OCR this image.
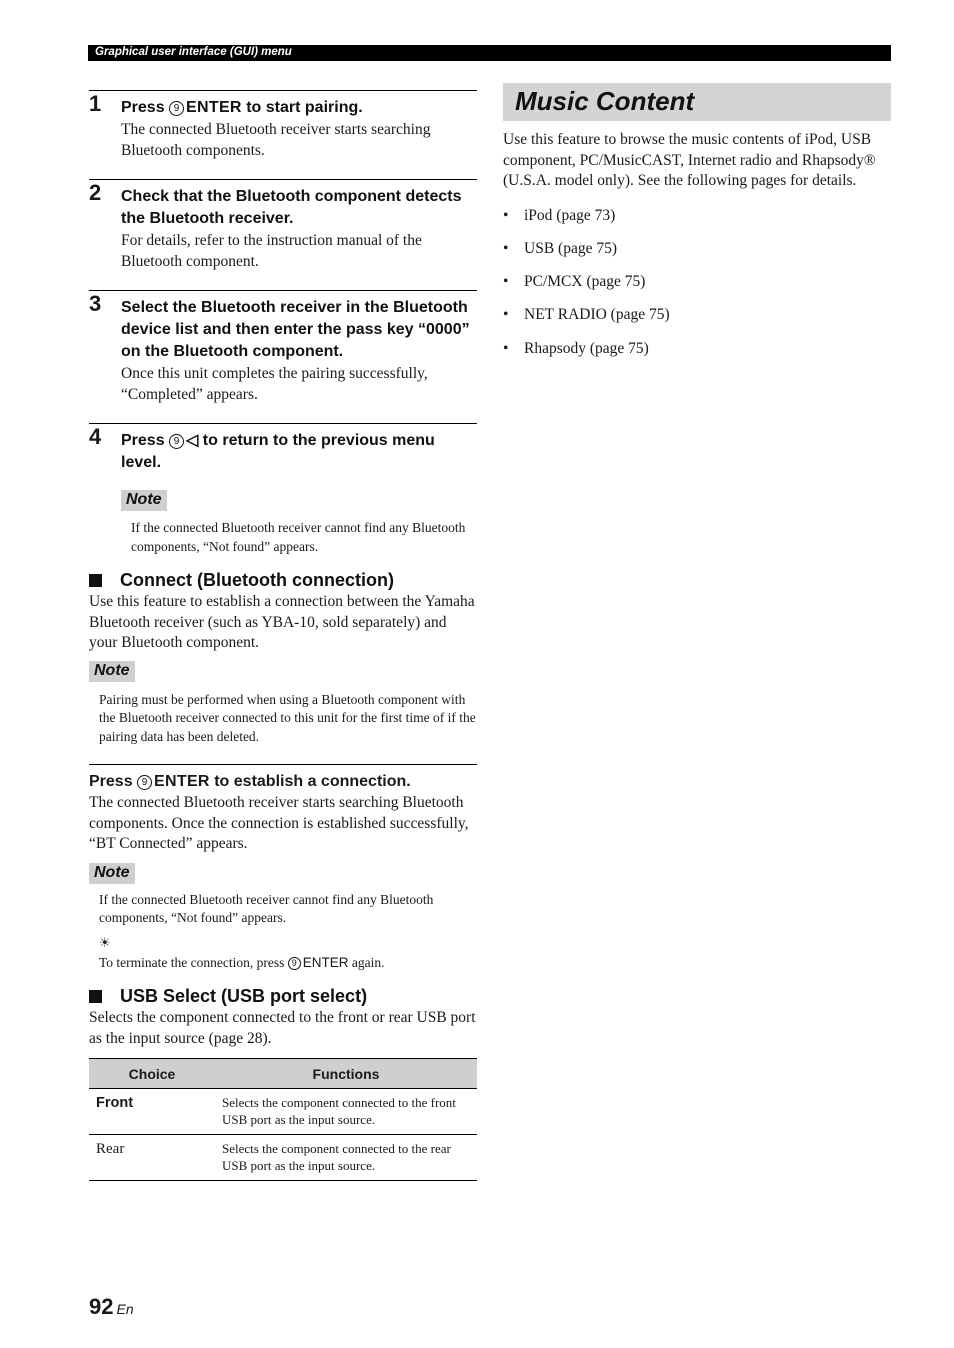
Graphical user interface (GUI) menu
1 Press 9 ENTER to start pairing.
The connected Bluetooth receiver starts searching Bluetooth components.
2 Check that the Bluetooth component detects the Bluetooth receiver.
For details, refer to the instruction manual of the Bluetooth component.
3 Select the Bluetooth receiver in the Bluetooth device list and then enter the pass key “0000” on the Bluetooth component.
Once this unit completes the pairing successfully, “Completed” appears.
4 Press 9 ◁ to return to the previous menu level.
Note
If the connected Bluetooth receiver cannot find any Bluetooth components, “Not found” appears.
Connect (Bluetooth connection)
Use this feature to establish a connection between the Yamaha Bluetooth receiver (such as YBA-10, sold separately) and your Bluetooth component.
Note
Pairing must be performed when using a Bluetooth component with the Bluetooth receiver connected to this unit for the first time of if the pairing data has been deleted.
Press 9 ENTER to establish a connection.
The connected Bluetooth receiver starts searching Bluetooth components. Once the connection is established successfully, “BT Connected” appears.
Note
If the connected Bluetooth receiver cannot find any Bluetooth components, “Not found” appears.
☀
To terminate the connection, press 9 ENTER again.
USB Select (USB port select)
Selects the component connected to the front or rear USB port as the input source (page 28).
Choice	Functions
Front	Selects the component connected to the front USB port as the input source.
Rear	Selects the component connected to the rear USB port as the input source.
Music Content
Use this feature to browse the music contents of iPod, USB component, PC/MusicCAST, Internet radio and Rhapsody® (U.S.A. model only). See the following pages for details.
• iPod (page 73)
• USB (page 75)
• PC/MCX (page 75)
• NET RADIO (page 75)
• Rhapsody (page 75)
92 En
